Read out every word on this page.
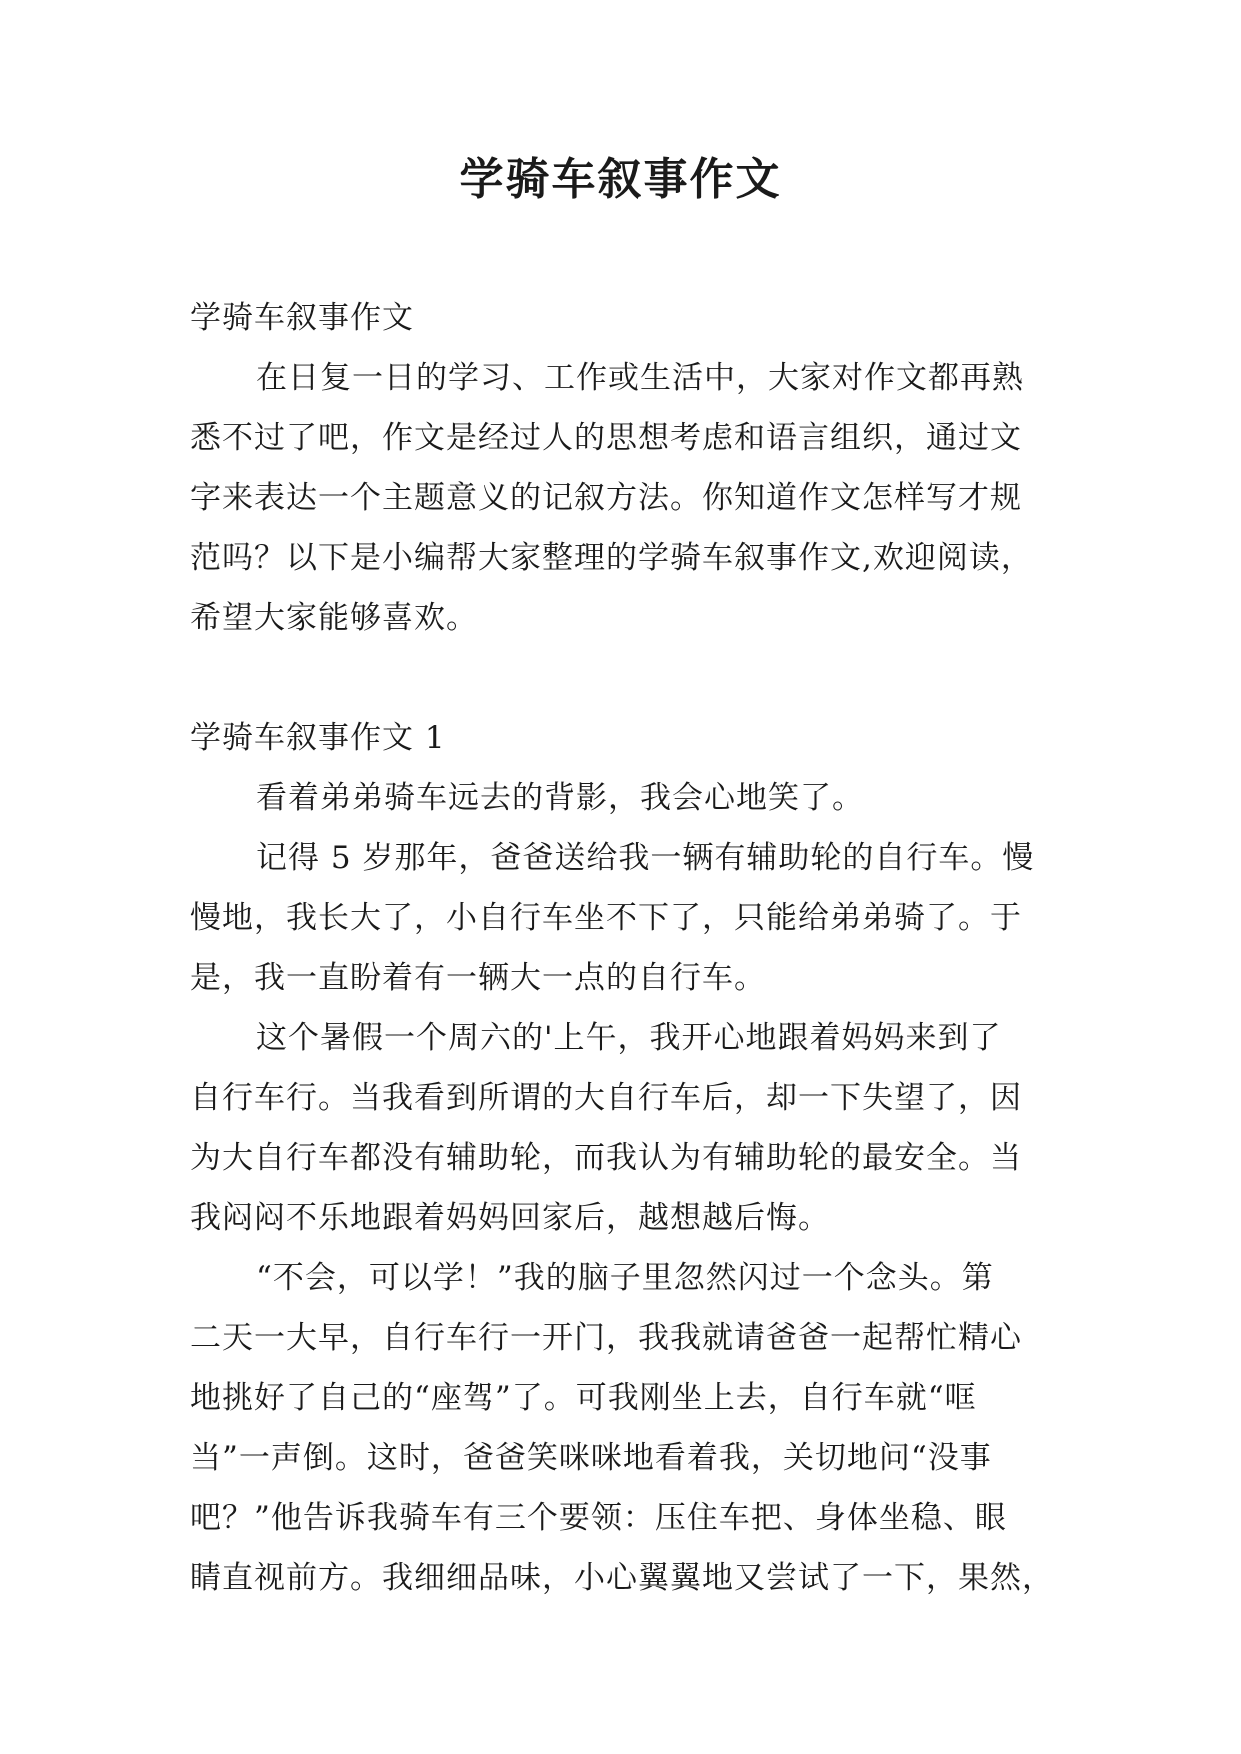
学骑车叙事作文

学骑车叙事作文

在日复一日的学习、工作或生活中，大家对作文都再熟

悉不过了吧，作文是经过人的思想考虑和语言组织，通过文

字来表达一个主题意义的记叙方法。你知道作文怎样写才规

范吗？以下是小编帮大家整理的学骑车叙事作文,欢迎阅读，

希望大家能够喜欢。

学骑车叙事作文 1

看着弟弟骑车远去的背影，我会心地笑了。

记得 5 岁那年，爸爸送给我一辆有辅助轮的自行车。慢

慢地，我长大了，小自行车坐不下了，只能给弟弟骑了。于

是，我一直盼着有一辆大一点的自行车。

这个暑假一个周六的'上午，我开心地跟着妈妈来到了

自行车行。当我看到所谓的大自行车后，却一下失望了，因

为大自行车都没有辅助轮，而我认为有辅助轮的最安全。当

我闷闷不乐地跟着妈妈回家后，越想越后悔。

“不会，可以学！”我的脑子里忽然闪过一个念头。第

二天一大早，自行车行一开门，我我就请爸爸一起帮忙精心

地挑好了自己的“座驾”了。可我刚坐上去，自行车就“哐

当”一声倒。这时，爸爸笑咪咪地看着我，关切地问“没事

吧？”他告诉我骑车有三个要领：压住车把、身体坐稳、眼

睛直视前方。我细细品味，小心翼翼地又尝试了一下，果然，
